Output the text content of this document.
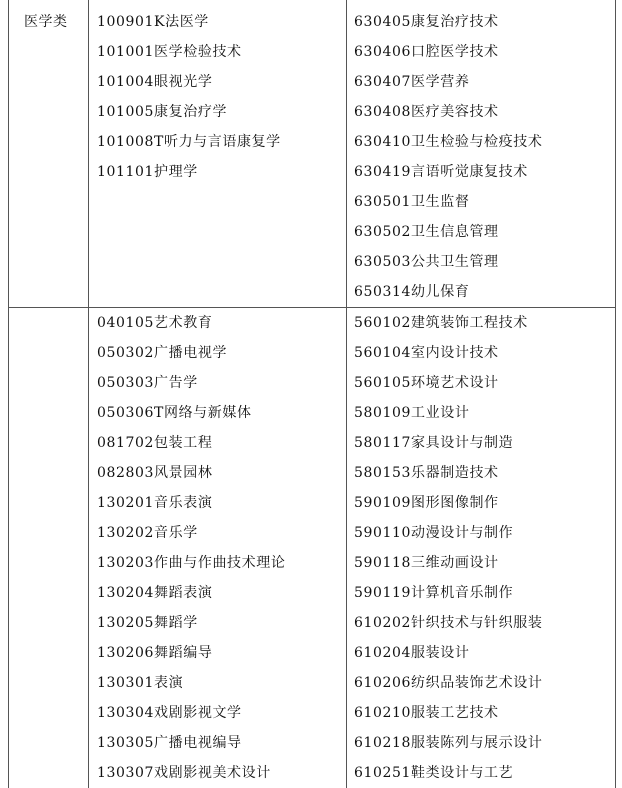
医学类 100901K法医学
101001医学检验技术
101004眼视光学
101005康复治疗学
101008T听力与言语康复学
101101护理学
630405康复治疗技术
630406口腔医学技术
630407医学营养
630408医疗美容技术
630410卫生检验与检疫技术
630419言语听觉康复技术
630501卫生监督
630502卫生信息管理
630503公共卫生管理
650314幼儿保育
040105艺术教育
050302广播电视学
050303广告学
050306T网络与新媒体
081702包装工程
082803风景园林
130201音乐表演
130202音乐学
130203作曲与作曲技术理论
130204舞蹈表演
130205舞蹈学
130206舞蹈编导
130301表演
130304戏剧影视文学
130305广播电视编导
130307戏剧影视美术设计
560102建筑装饰工程技术
560104室内设计技术
560105环境艺术设计
580109工业设计
580117家具设计与制造
580153乐器制造技术
590109图形图像制作
590110动漫设计与制作
590118三维动画设计
590119计算机音乐制作
610202针织技术与针织服装
610204服装设计
610206纺织品装饰艺术设计
610210服装工艺技术
610218服装陈列与展示设计
610251鞋类设计与工艺
